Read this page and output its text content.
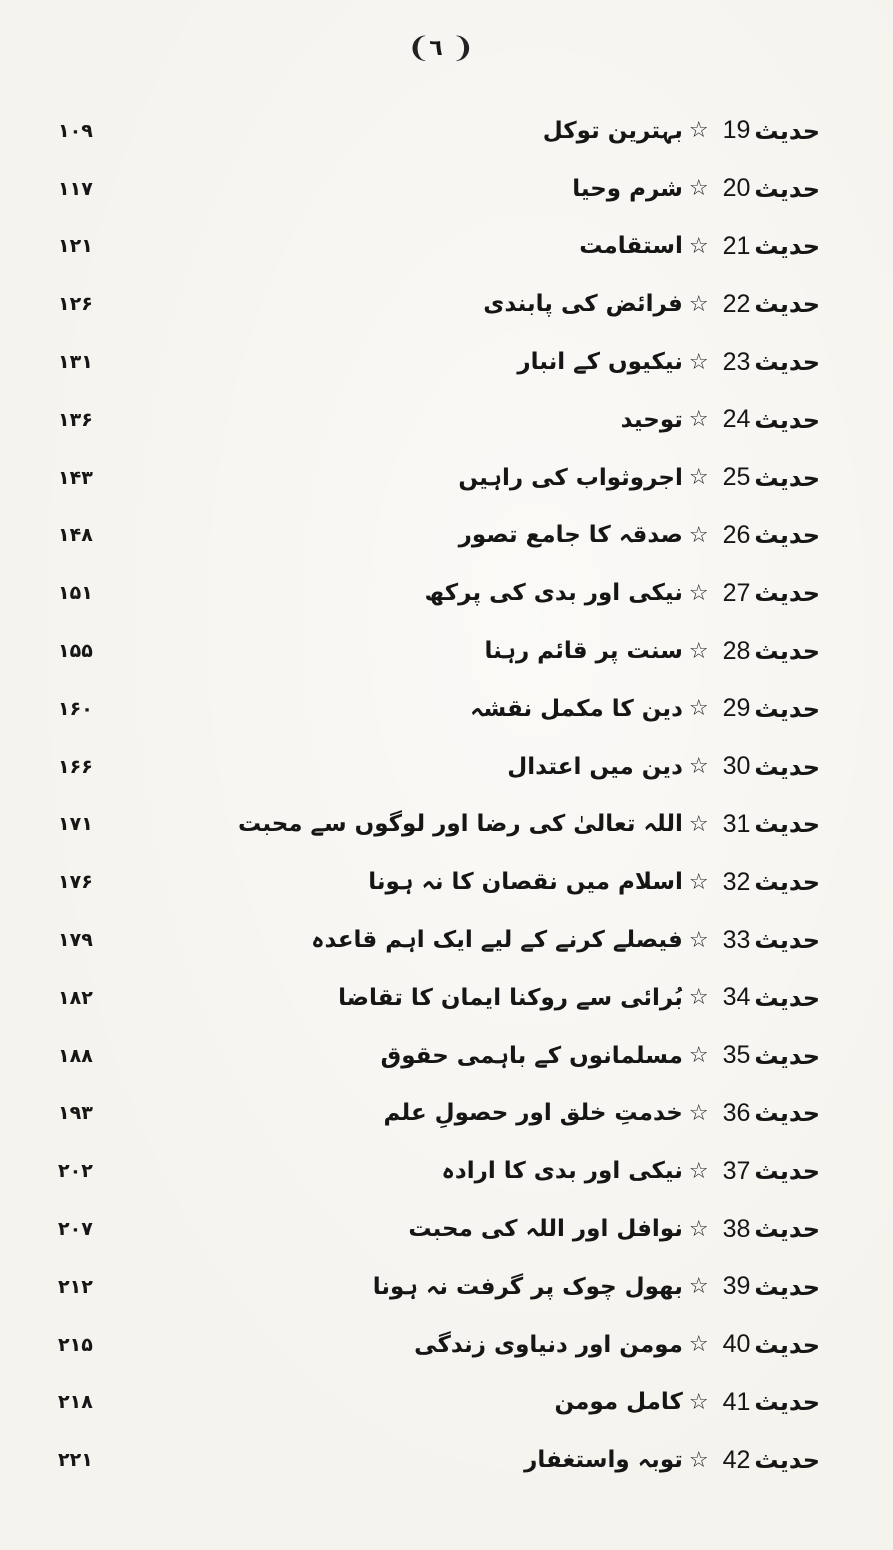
❨
٦ ❩
حدیث
19
☆
بہترین توکل
۱۰۹
حدیث
20
☆
شرم وحیا
۱۱۷
حدیث
21
☆
استقامت
۱۲۱
حدیث
22
☆
فرائض کی پابندی
۱۲۶
حدیث
23
☆
نیکیوں کے انبار
۱۳۱
حدیث
24
☆
توحید
۱۳۶
حدیث
25
☆
اجروثواب کی راہیں
۱۴۳
حدیث
26
☆
صدقہ کا جامع تصور
۱۴۸
حدیث
27
☆
نیکی اور بدی کی پرکھ
۱۵۱
حدیث
28
☆
سنت پر قائم رہنا
۱۵۵
حدیث
29
☆
دین کا مکمل نقشہ
۱۶۰
حدیث
30
☆
دین میں اعتدال
۱۶۶
حدیث
31
☆
اللہ تعالیٰ کی رضا اور لوگوں سے محبت
۱۷۱
حدیث
32
☆
اسلام میں نقصان کا نہ ہونا
۱۷۶
حدیث
33
☆
فیصلے کرنے کے لیے ایک اہم قاعدہ
۱۷۹
حدیث
34
☆
بُرائی سے روکنا ایمان کا تقاضا
۱۸۲
حدیث
35
☆
مسلمانوں کے باہمی حقوق
۱۸۸
حدیث
36
☆
خدمتِ خلق اور حصولِ علم
۱۹۳
حدیث
37
☆
نیکی اور بدی کا ارادہ
۲۰۲
حدیث
38
☆
نوافل اور اللہ کی محبت
۲۰۷
حدیث
39
☆
بھول چوک پر گرفت نہ ہونا
۲۱۲
حدیث
40
☆
مومن اور دنیاوی زندگی
۲۱۵
حدیث
41
☆
کامل مومن
۲۱۸
حدیث
42
☆
توبہ واستغفار
۲۲۱
